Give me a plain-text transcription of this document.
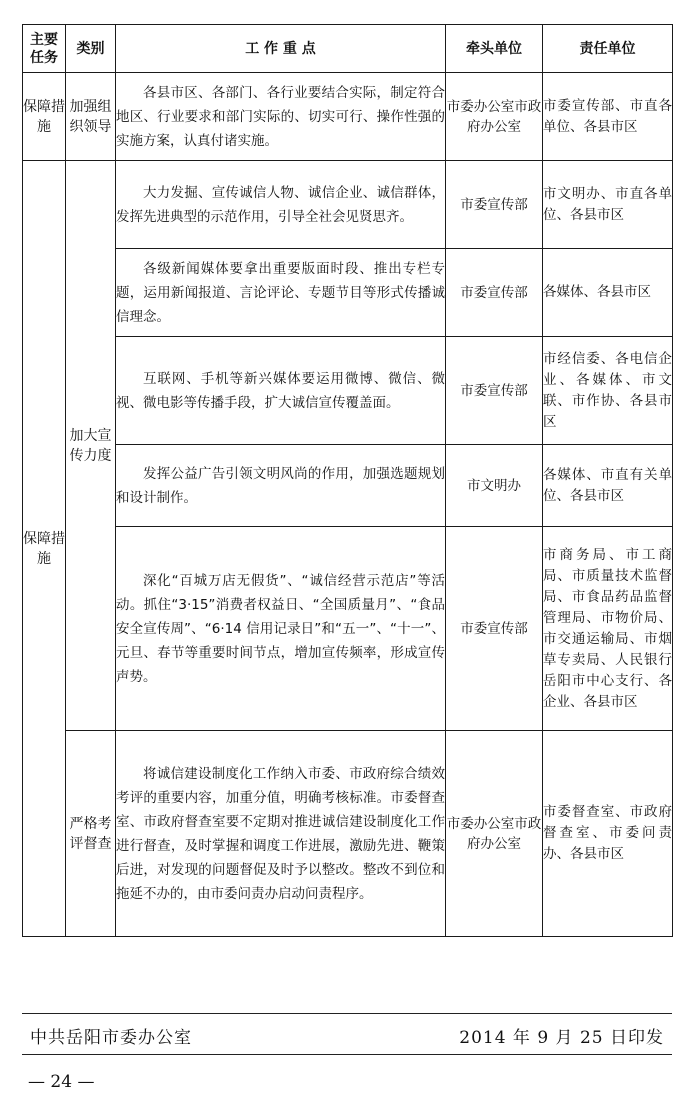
主要任务	类别	工 作 重 点	牵头单位	责任单位
保障措施	加强组织领导	各县市区、各部门、各行业要结合实际，制定符合地区、行业要求和部门实际的、切实可行、操作性强的实施方案，认真付诸实施。	市委办公室市政府办公室	市委宣传部、市直各单位、各县市区
保障措施	加大宣传力度	大力发掘、宣传诚信人物、诚信企业、诚信群体，发挥先进典型的示范作用，引导全社会见贤思齐。	市委宣传部	市文明办、市直各单位、各县市区

		各级新闻媒体要拿出重要版面时段、推出专栏专题，运用新闻报道、言论评论、专题节目等形式传播诚信理念。	市委宣传部	各媒体、各县市区

		互联网、手机等新兴媒体要运用微博、微信、微视、微电影等传播手段，扩大诚信宣传覆盖面。	市委宣传部	市经信委、各电信企业、各媒体、市文联、市作协、各县市区

		发挥公益广告引领文明风尚的作用，加强选题规划和设计制作。	市文明办	各媒体、市直有关单位、各县市区

		深化“百城万店无假货”、“诚信经营示范店”等活动。抓住“3·15”消费者权益日、“全国质量月”、“食品安全宣传周”、“6·14 信用记录日”和“五一”、“十一”、元旦、春节等重要时间节点，增加宣传频率，形成宣传声势。	市委宣传部	市商务局、市工商局、市质量技术监督局、市食品药品监督管理局、市物价局、市交通运输局、市烟草专卖局、人民银行岳阳市中心支行、各企业、各县市区
	严格考评督查	将诚信建设制度化工作纳入市委、市政府综合绩效考评的重要内容，加重分值，明确考核标准。市委督查室、市政府督查室要不定期对推进诚信建设制度化工作进行督查，及时掌握和调度工作进展，激励先进、鞭策后进，对发现的问题督促及时予以整改。整改不到位和拖延不办的，由市委问责办启动问责程序。	市委办公室市政府办公室	市委督查室、市政府督查室、市委问责办、各县市区
中共岳阳市委办公室	2014 年 9 月 25 日印发
— 24 —
